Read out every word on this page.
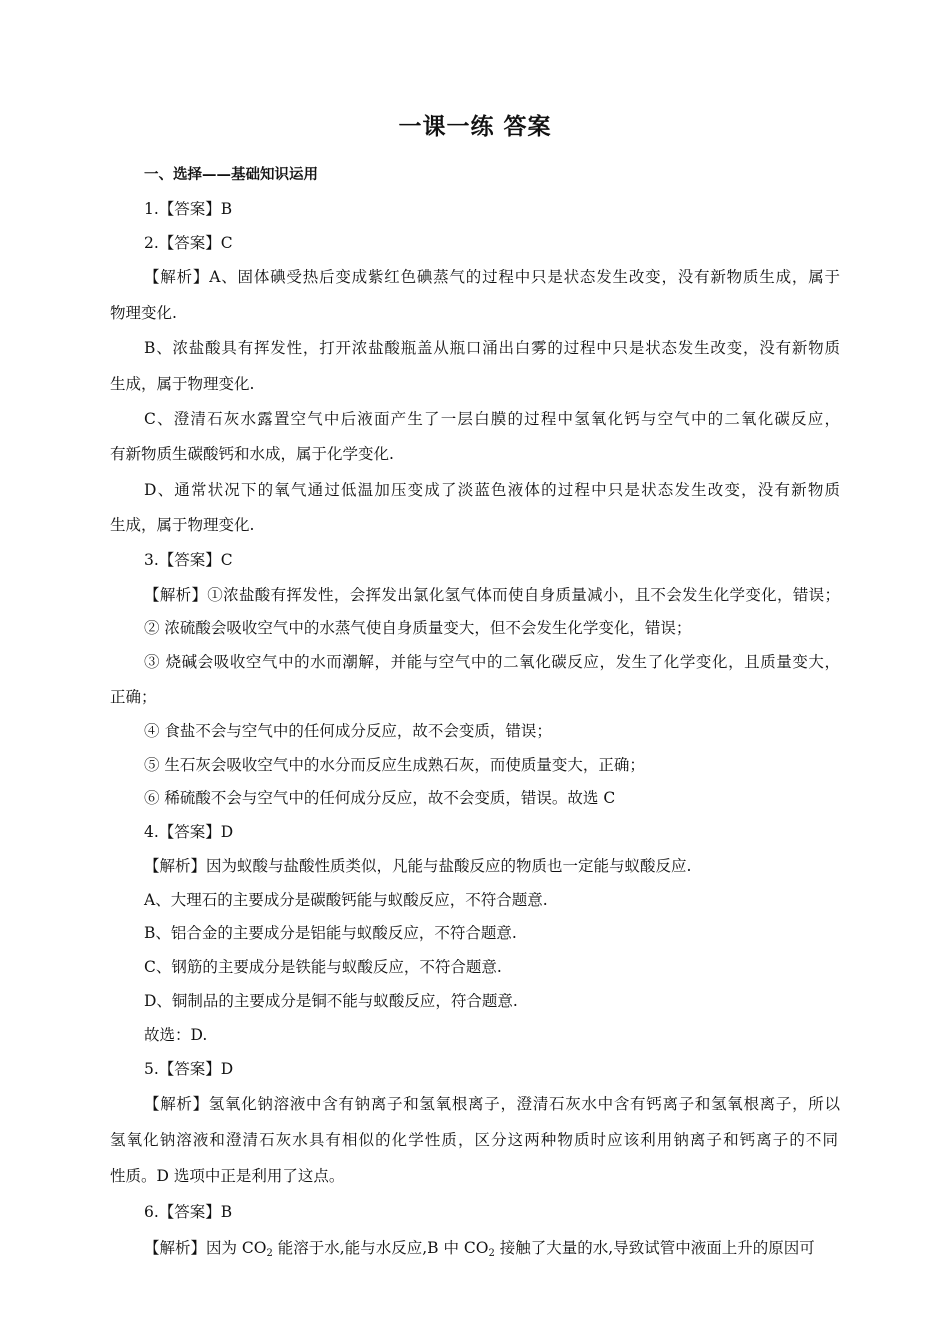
一课一练 答案
一、选择——基础知识运用
1.【答案】B
2.【答案】C
【解析】A、固体碘受热后变成紫红色碘蒸气的过程中只是状态发生改变，没有新物质生成，属于
物理变化.
B、浓盐酸具有挥发性，打开浓盐酸瓶盖从瓶口涌出白雾的过程中只是状态发生改变，没有新物质
生成，属于物理变化.
C、澄清石灰水露置空气中后液面产生了一层白膜的过程中氢氧化钙与空气中的二氧化碳反应，
有新物质生碳酸钙和水成，属于化学变化.
D、通常状况下的氧气通过低温加压变成了淡蓝色液体的过程中只是状态发生改变，没有新物质
生成，属于物理变化.
3.【答案】C
【解析】①浓盐酸有挥发性，会挥发出氯化氢气体而使自身质量减小，且不会发生化学变化，错误；
② 浓硫酸会吸收空气中的水蒸气使自身质量变大，但不会发生化学变化，错误；
③ 烧碱会吸收空气中的水而潮解，并能与空气中的二氧化碳反应，发生了化学变化，且质量变大，
正确；
④ 食盐不会与空气中的任何成分反应，故不会变质，错误；
⑤ 生石灰会吸收空气中的水分而反应生成熟石灰，而使质量变大，正确；
⑥ 稀硫酸不会与空气中的任何成分反应，故不会变质，错误。故选 C
4.【答案】D
【解析】因为蚁酸与盐酸性质类似，凡能与盐酸反应的物质也一定能与蚁酸反应.
A、大理石的主要成分是碳酸钙能与蚁酸反应，不符合题意.
B、铝合金的主要成分是铝能与蚁酸反应，不符合题意.
C、钢筋的主要成分是铁能与蚁酸反应，不符合题意.
D、铜制品的主要成分是铜不能与蚁酸反应，符合题意.
故选：D.
5.【答案】D
【解析】氢氧化钠溶液中含有钠离子和氢氧根离子，澄清石灰水中含有钙离子和氢氧根离子，所以
氢氧化钠溶液和澄清石灰水具有相似的化学性质，区分这两种物质时应该利用钠离子和钙离子的不同
性质。D 选项中正是利用了这点。
6.【答案】B
【解析】因为 $CO_2$ 能溶于水,能与水反应,B 中 $CO_2$ 接触了大量的水,导致试管中液面上升的原因可
